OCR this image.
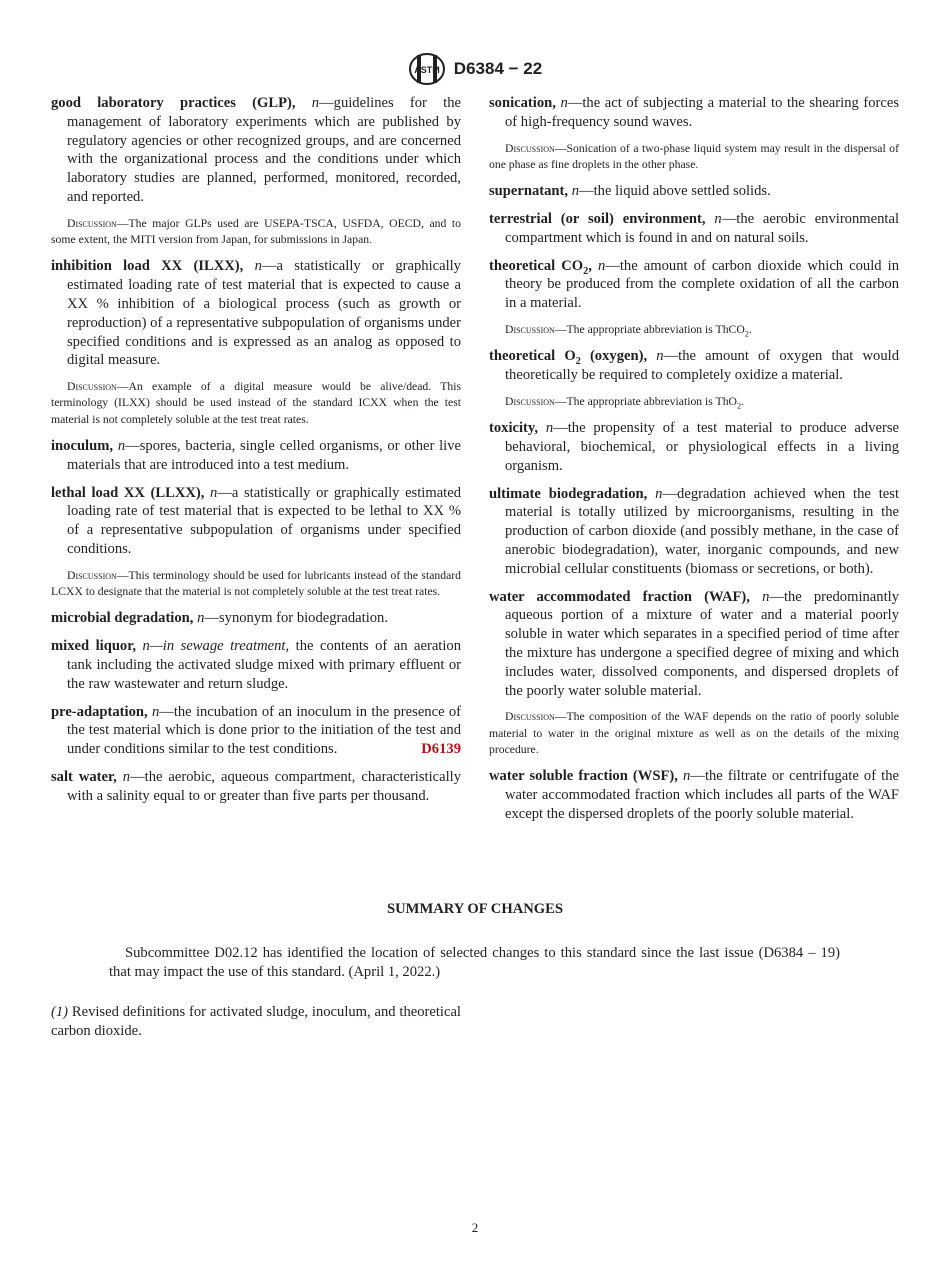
ASTM D6384 − 22

good laboratory practices (GLP), n—guidelines for the management of laboratory experiments which are published by regulatory agencies or other recognized groups, and are concerned with the organizational process and the conditions under which laboratory studies are planned, performed, monitored, recorded, and reported.

Discussion—The major GLPs used are USEPA-TSCA, USFDA, OECD, and to some extent, the MITI version from Japan, for submissions in Japan.

inhibition load XX (ILXX), n—a statistically or graphically estimated loading rate of test material that is expected to cause a XX % inhibition of a biological process (such as growth or reproduction) of a representative subpopulation of organisms under specified conditions and is expressed as an analog as opposed to digital measure.

Discussion—An example of a digital measure would be alive/dead. This terminology (ILXX) should be used instead of the standard ICXX when the test material is not completely soluble at the test treat rates.

inoculum, n—spores, bacteria, single celled organisms, or other live materials that are introduced into a test medium.

lethal load XX (LLXX), n—a statistically or graphically estimated loading rate of test material that is expected to be lethal to XX % of a representative subpopulation of organisms under specified conditions.

Discussion—This terminology should be used for lubricants instead of the standard LCXX to designate that the material is not completely soluble at the test treat rates.

microbial degradation, n—synonym for biodegradation.

mixed liquor, n—in sewage treatment, the contents of an aeration tank including the activated sludge mixed with primary effluent or the raw wastewater and return sludge.

pre-adaptation, n—the incubation of an inoculum in the presence of the test material which is done prior to the initiation of the test and under conditions similar to the test conditions.	D6139

salt water, n—the aerobic, aqueous compartment, characteristically with a salinity equal to or greater than five parts per thousand.

sonication, n—the act of subjecting a material to the shearing forces of high-frequency sound waves.

Discussion—Sonication of a two-phase liquid system may result in the dispersal of one phase as fine droplets in the other phase.

supernatant, n—the liquid above settled solids.

terrestrial (or soil) environment, n—the aerobic environmental compartment which is found in and on natural soils.

theoretical $CO_2$, n—the amount of carbon dioxide which could in theory be produced from the complete oxidation of all the carbon in a material.

Discussion—The appropriate abbreviation is ThCO$_2$.

theoretical $O_2$ (oxygen), n—the amount of oxygen that would theoretically be required to completely oxidize a material.

Discussion—The appropriate abbreviation is ThO$_2$.

toxicity, n—the propensity of a test material to produce adverse behavioral, biochemical, or physiological effects in a living organism.

ultimate biodegradation, n—degradation achieved when the test material is totally utilized by microorganisms, resulting in the production of carbon dioxide (and possibly methane, in the case of anerobic biodegradation), water, inorganic compounds, and new microbial cellular constituents (biomass or secretions, or both).

water accommodated fraction (WAF), n—the predominantly aqueous portion of a mixture of water and a material poorly soluble in water which separates in a specified period of time after the mixture has undergone a specified degree of mixing and which includes water, dissolved components, and dispersed droplets of the poorly water soluble material.

Discussion—The composition of the WAF depends on the ratio of poorly soluble material to water in the original mixture as well as on the details of the mixing procedure.

water soluble fraction (WSF), n—the filtrate or centrifugate of the water accommodated fraction which includes all parts of the WAF except the dispersed droplets of the poorly soluble material.

SUMMARY OF CHANGES
Subcommittee D02.12 has identified the location of selected changes to this standard since the last issue (D6384 – 19) that may impact the use of this standard. (April 1, 2022.)
(1) Revised definitions for activated sludge, inoculum, and theoretical carbon dioxide.
2
